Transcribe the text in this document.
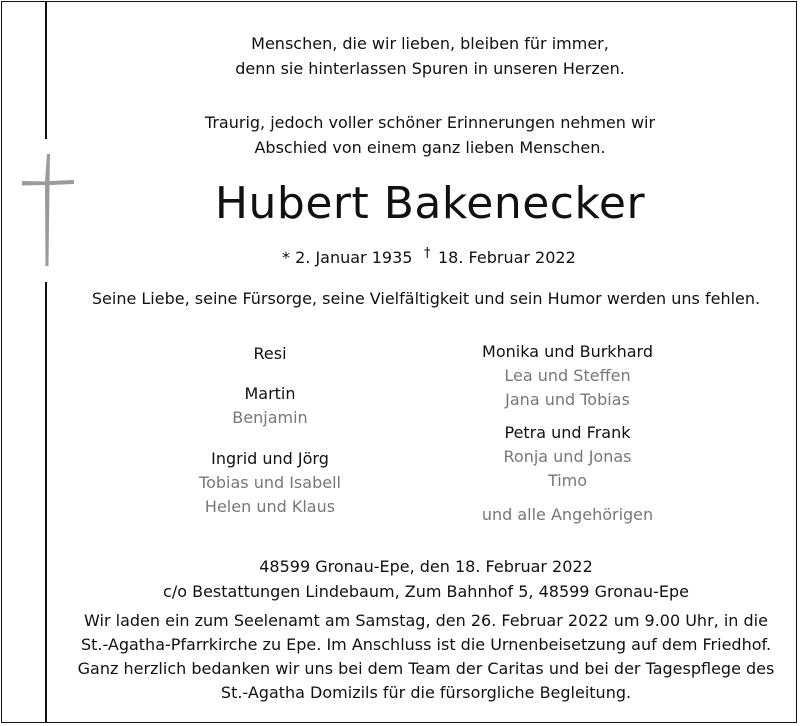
Menschen, die wir lieben, bleiben für immer,
denn sie hinterlassen Spuren in unseren Herzen.
Traurig, jedoch voller schöner Erinnerungen nehmen wir
Abschied von einem ganz lieben Menschen.
Hubert Bakenecker
* 2. Januar 1935 † 18. Februar 2022
Seine Liebe, seine Fürsorge, seine Vielfältigkeit und sein Humor werden uns fehlen.
Resi
Martin
Benjamin
Ingrid und Jörg
Tobias und Isabell
Helen und Klaus
Monika und Burkhard
Lea und Steffen
Jana und Tobias
Petra und Frank
Ronja und Jonas
Timo
und alle Angehörigen
48599 Gronau-Epe, den 18. Februar 2022
c/o Bestattungen Lindebaum, Zum Bahnhof 5, 48599 Gronau-Epe
Wir laden ein zum Seelenamt am Samstag, den 26. Februar 2022 um 9.00 Uhr, in die
St.-Agatha-Pfarrkirche zu Epe. Im Anschluss ist die Urnenbeisetzung auf dem Friedhof.
Ganz herzlich bedanken wir uns bei dem Team der Caritas und bei der Tagespflege des
St.-Agatha Domizils für die fürsorgliche Begleitung.
